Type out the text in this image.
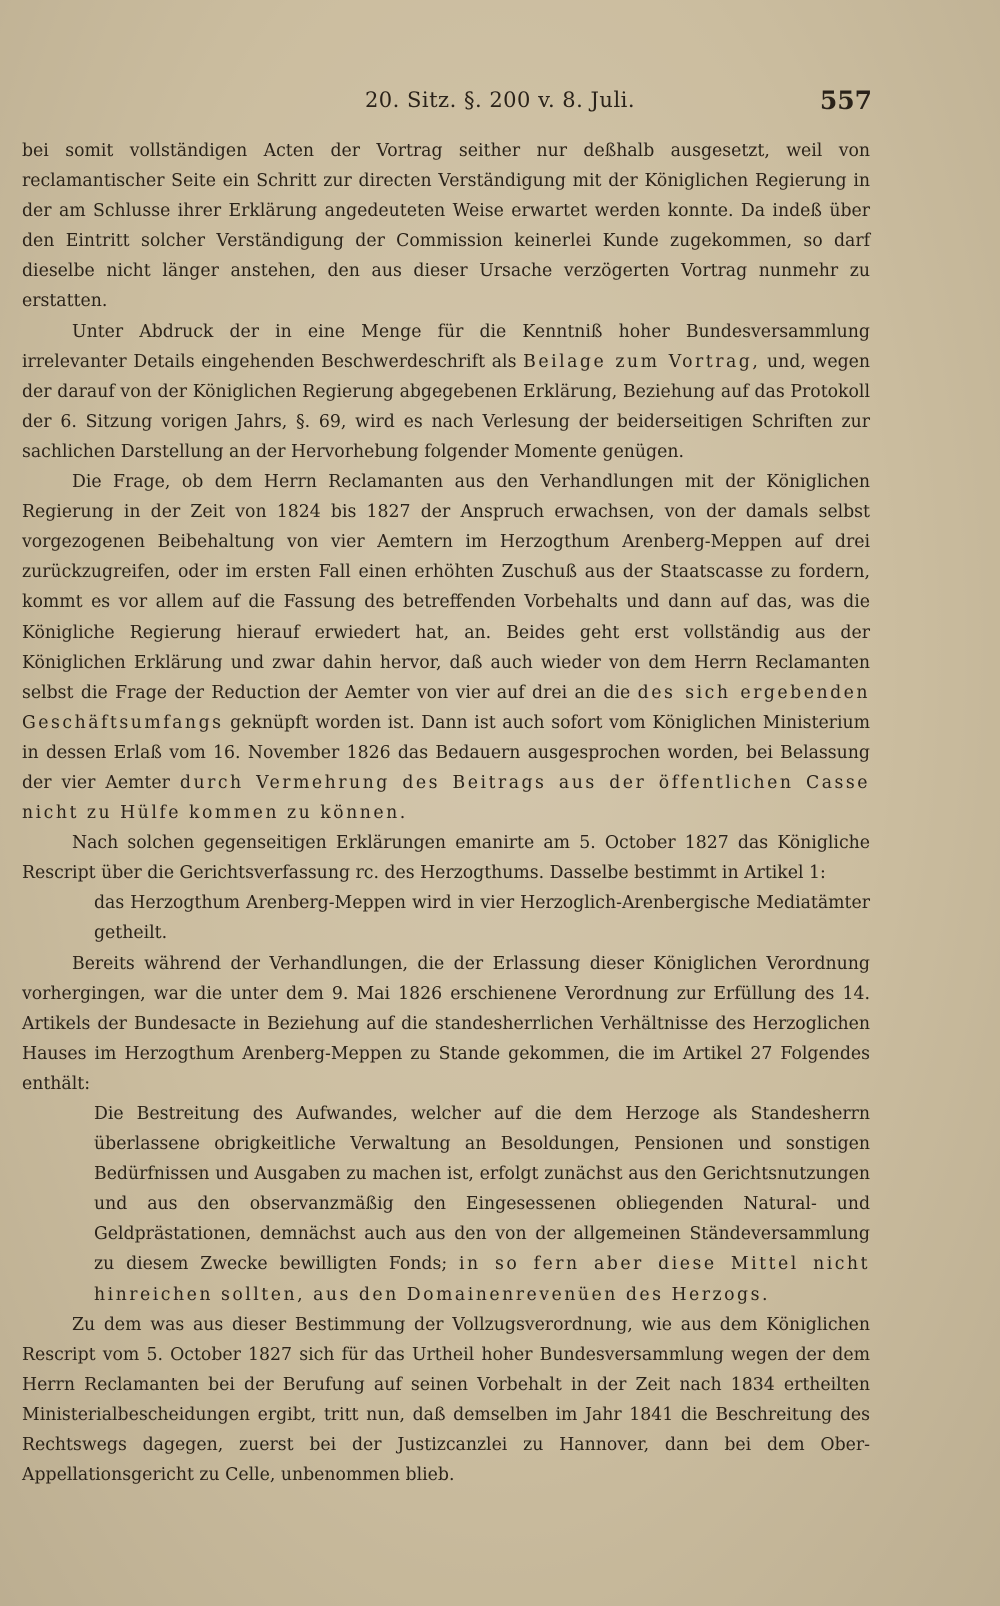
20. Sitz. §. 200 v. 8. Juli.	557

bei somit vollständigen Acten der Vortrag seither nur deßhalb ausgesetzt, weil von reclamantischer Seite ein Schritt zur directen Verständigung mit der Königlichen Regierung in der am Schlusse ihrer Erklärung angedeuteten Weise erwartet werden konnte. Da indeß über den Eintritt solcher Verständigung der Commission keinerlei Kunde zugekommen, so darf dieselbe nicht länger anstehen, den aus dieser Ursache verzögerten Vortrag nunmehr zu erstatten.

Unter Abdruck der in eine Menge für die Kenntniß hoher Bundesversammlung irrelevanter Details eingehenden Beschwerdeschrift als Beilage zum Vortrag, und, wegen der darauf von der Königlichen Regierung abgegebenen Erklärung, Beziehung auf das Protokoll der 6. Sitzung vorigen Jahrs, §. 69, wird es nach Verlesung der beiderseitigen Schriften zur sachlichen Darstellung an der Hervorhebung folgender Momente genügen.

Die Frage, ob dem Herrn Reclamanten aus den Verhandlungen mit der Königlichen Regierung in der Zeit von 1824 bis 1827 der Anspruch erwachsen, von der damals selbst vorgezogenen Beibehaltung von vier Aemtern im Herzogthum Arenberg-Meppen auf drei zurückzugreifen, oder im ersten Fall einen erhöhten Zuschuß aus der Staatscasse zu fordern, kommt es vor allem auf die Fassung des betreffenden Vorbehalts und dann auf das, was die Königliche Regierung hierauf erwiedert hat, an. Beides geht erst vollständig aus der Königlichen Erklärung und zwar dahin hervor, daß auch wieder von dem Herrn Reclamanten selbst die Frage der Reduction der Aemter von vier auf drei an die des sich ergebenden Geschäftsumfangs geknüpft worden ist. Dann ist auch sofort vom Königlichen Ministerium in dessen Erlaß vom 16. November 1826 das Bedauern ausgesprochen worden, bei Belassung der vier Aemter durch Vermehrung des Beitrags aus der öffentlichen Casse nicht zu Hülfe kommen zu können.

Nach solchen gegenseitigen Erklärungen emanirte am 5. October 1827 das Königliche Rescript über die Gerichtsverfassung rc. des Herzogthums. Dasselbe bestimmt in Artikel 1:

das Herzogthum Arenberg-Meppen wird in vier Herzoglich-Arenbergische Mediatämter getheilt.

Bereits während der Verhandlungen, die der Erlassung dieser Königlichen Verordnung vorhergingen, war die unter dem 9. Mai 1826 erschienene Verordnung zur Erfüllung des 14. Artikels der Bundesacte in Beziehung auf die standesherrlichen Verhältnisse des Herzoglichen Hauses im Herzogthum Arenberg-Meppen zu Stande gekommen, die im Artikel 27 Folgendes enthält:

Die Bestreitung des Aufwandes, welcher auf die dem Herzoge als Standesherrn überlassene obrigkeitliche Verwaltung an Besoldungen, Pensionen und sonstigen Bedürfnissen und Ausgaben zu machen ist, erfolgt zunächst aus den Gerichtsnutzungen und aus den observanzmäßig den Eingesessenen obliegenden Natural- und Geldprästationen, demnächst auch aus den von der allgemeinen Ständeversammlung zu diesem Zwecke bewilligten Fonds; in so fern aber diese Mittel nicht hinreichen sollten, aus den Domainenrevenüen des Herzogs.

Zu dem was aus dieser Bestimmung der Vollzugsverordnung, wie aus dem Königlichen Rescript vom 5. October 1827 sich für das Urtheil hoher Bundesversammlung wegen der dem Herrn Reclamanten bei der Berufung auf seinen Vorbehalt in der Zeit nach 1834 ertheilten Ministerialbescheidungen ergibt, tritt nun, daß demselben im Jahr 1841 die Beschreitung des Rechtswegs dagegen, zuerst bei der Justizcanzlei zu Hannover, dann bei dem Ober-Appellationsgericht zu Celle, unbenommen blieb.
